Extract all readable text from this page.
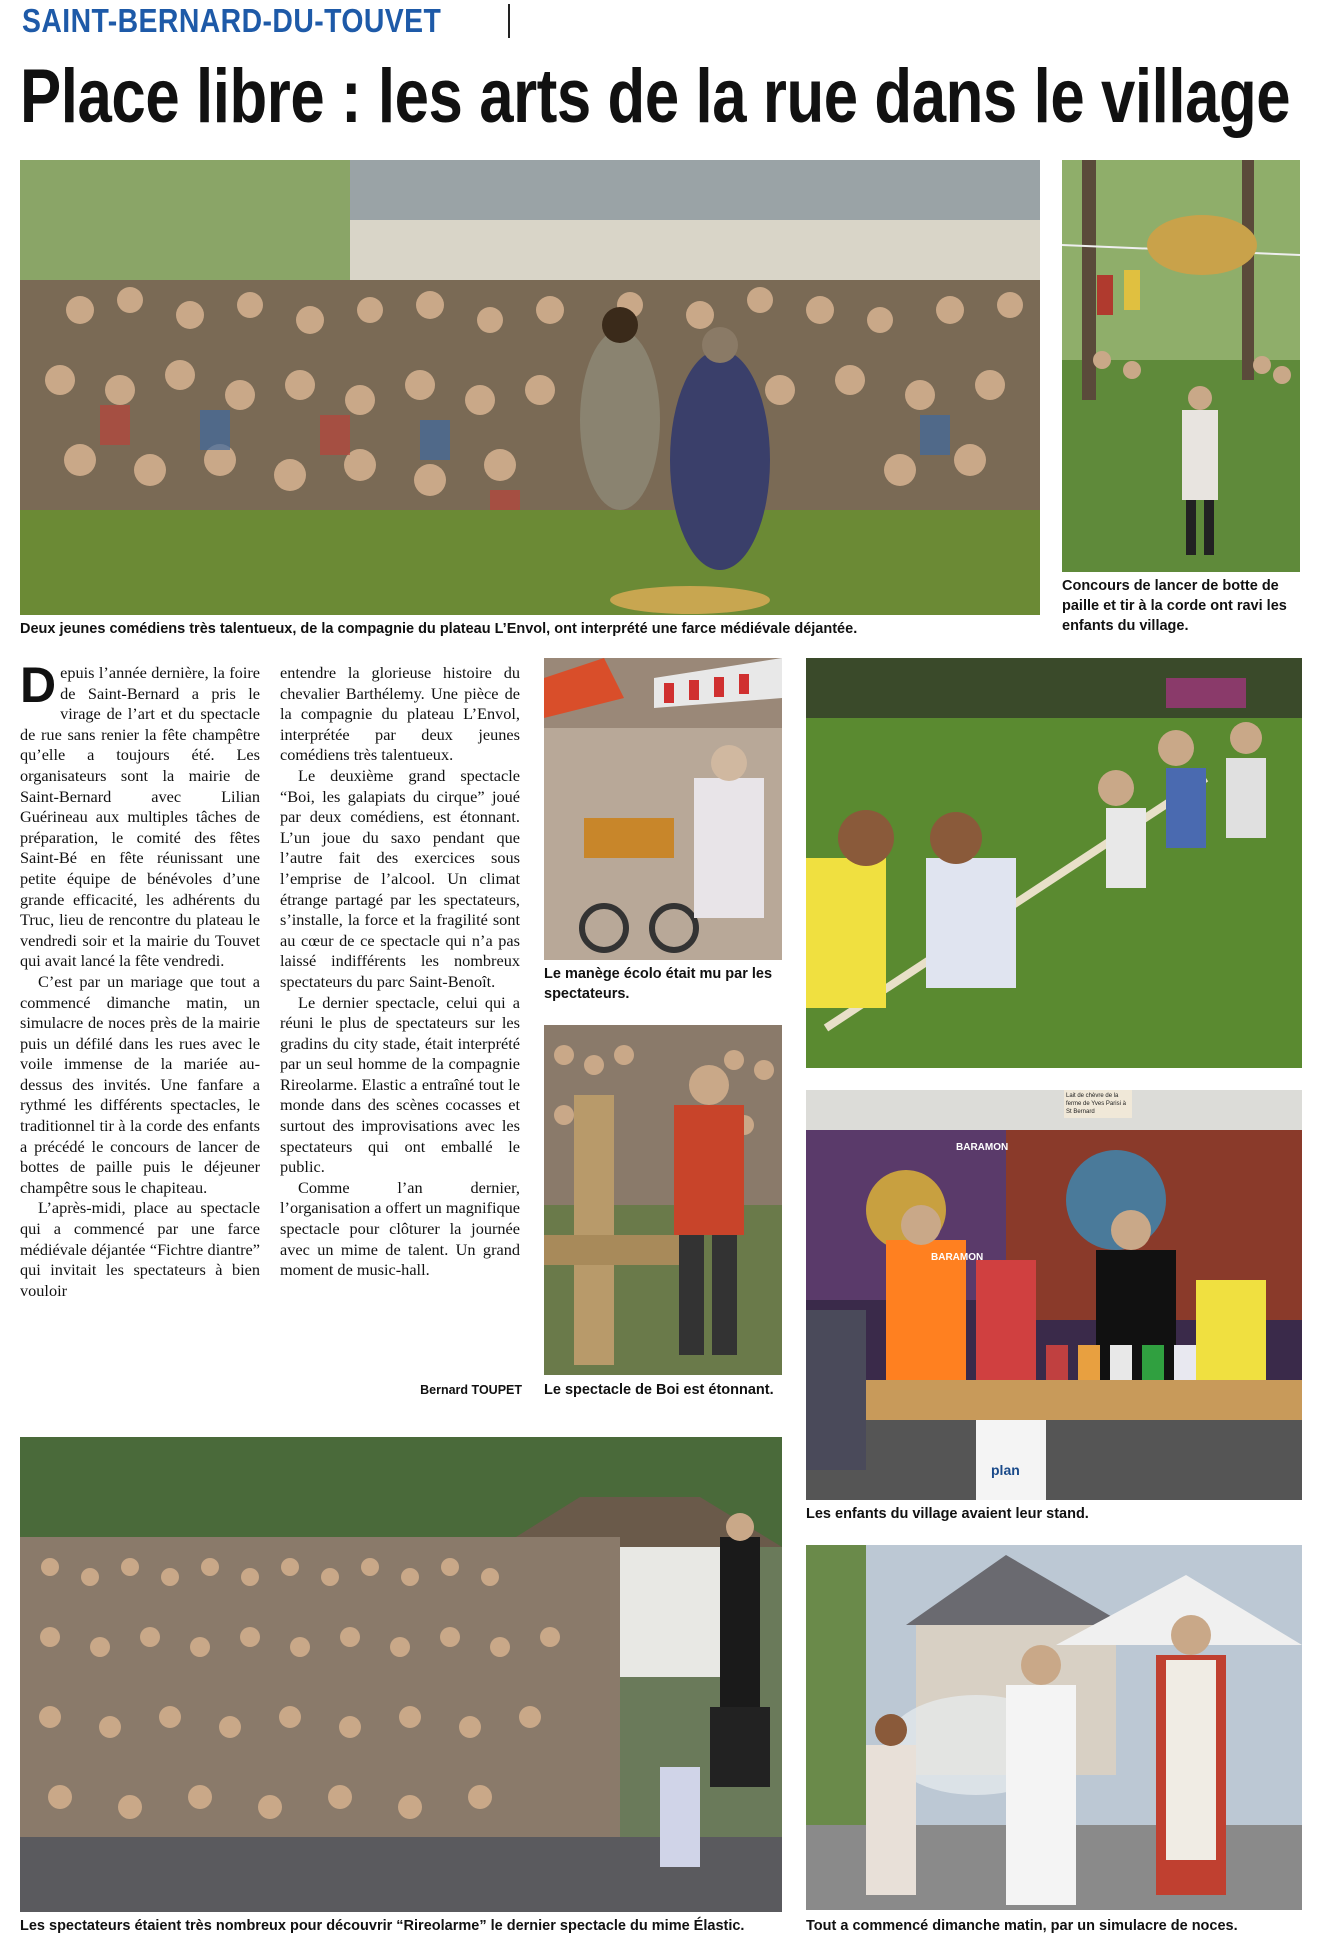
SAINT-BERNARD-DU-TOUVET
Place libre : les arts de la rue dans le village
Deux jeunes comédiens très talentueux, de la compagnie du plateau L’Envol, ont interprété une farce médiévale déjantée.
Concours de lancer de botte de paille et tir à la corde ont ravi les enfants du village.

Depuis l’année dernière, la foire de Saint-Bernard a pris le virage de l’art et du spectacle de rue sans renier la fête champêtre qu’elle a toujours été. Les organisateurs sont la mairie de Saint-Bernard avec Lilian Guérineau aux multiples tâches de préparation, le comité des fêtes Saint-Bé en fête réunissant une petite équipe de bénévoles d’une grande efficacité, les adhérents du Truc, lieu de rencontre du plateau le vendredi soir et la mairie du Touvet qui avait lancé la fête vendredi.

C’est par un mariage que tout a commencé dimanche matin, un simulacre de noces près de la mairie puis un défilé dans les rues avec le voile immense de la mariée au-dessus des invités. Une fanfare a rythmé les différents spectacles, le traditionnel tir à la corde des enfants a précédé le concours de lancer de bottes de paille puis le déjeuner champêtre sous le chapiteau.

L’après-midi, place au spectacle qui a commencé par une farce médiévale déjantée “Fichtre diantre” qui invitait les spectateurs à bien vouloir

entendre la glorieuse histoire du chevalier Barthélemy. Une pièce de la compagnie du plateau L’Envol, interprétée par deux jeunes comédiens très talentueux.

Le deuxième grand spectacle “Boi, les galapiats du cirque” joué par deux comédiens, est étonnant. L’un joue du saxo pendant que l’autre fait des exercices sous l’emprise de l’alcool. Un climat étrange partagé par les spectateurs, s’installe, la force et la fragilité sont au cœur de ce spectacle qui n’a pas laissé indifférents les nombreux spectateurs du parc Saint-Benoît.

Le dernier spectacle, celui qui a réuni le plus de spectateurs sur les gradins du city stade, était interprété par un seul homme de la compagnie Rireolarme. Elastic a entraîné tout le monde dans des scènes cocasses et surtout des improvisations avec les spectateurs qui ont emballé le public.

Comme l’an dernier, l’organisation a offert un magnifique spectacle pour clôturer la journée avec un mime de talent. Un grand moment de music-hall.

Bernard TOUPET
Le manège écolo était mu par les spectateurs.
Le spectacle de Boi est étonnant.
BARAMON
BARAMON
plan
Lait de chèvre de la ferme de Yves Parisi à St Bernard
Les enfants du village avaient leur stand.
Les spectateurs étaient très nombreux pour découvrir “Rireolarme” le dernier spectacle du mime Élastic.	Tout a commencé dimanche matin, par un simulacre de noces.
